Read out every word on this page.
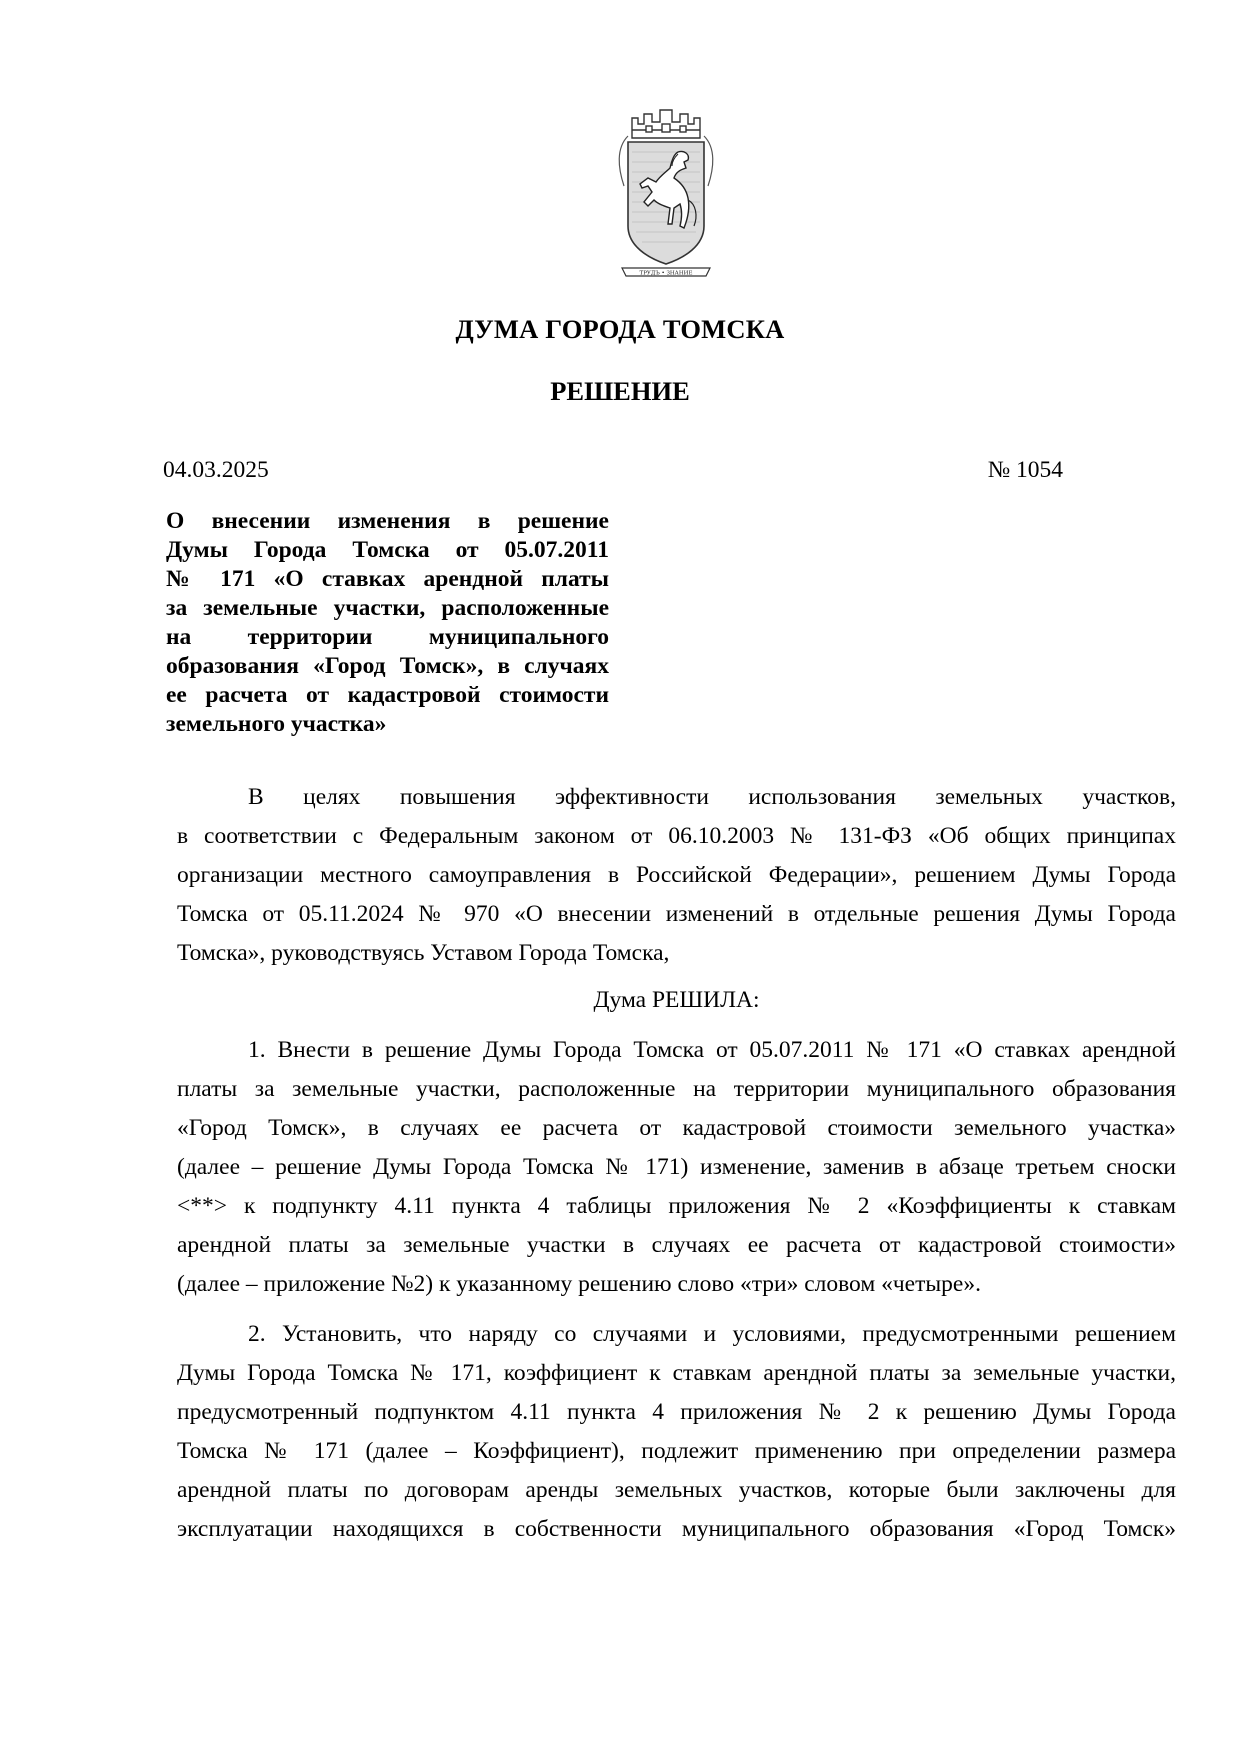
ТРУДЪ • ЗНАНИЕ
ДУМА ГОРОДА ТОМСКА
РЕШЕНИЕ
04.03.2025	№ 1054
О внесении изменения в решение
Думы Города Томска от 05.07.2011
№ 171 «О ставках арендной платы
за земельные участки, расположенные
на территории муниципального
образования «Город Томск», в случаях
ее расчета от кадастровой стоимости
земельного участка»
В целях повышения эффективности использования земельных участков,
в соответствии с Федеральным законом от 06.10.2003 № 131-ФЗ «Об общих принципах
организации местного самоуправления в Российской Федерации», решением Думы Города
Томска от 05.11.2024 № 970 «О внесении изменений в отдельные решения Думы Города
Томска», руководствуясь Уставом Города Томска,
Дума РЕШИЛА:
1. Внести в решение Думы Города Томска от 05.07.2011 № 171 «О ставках арендной
платы за земельные участки, расположенные на территории муниципального образования
«Город Томск», в случаях ее расчета от кадастровой стоимости земельного участка»
(далее – решение Думы Города Томска № 171) изменение, заменив в абзаце третьем сноски
<**> к подпункту 4.11 пункта 4 таблицы приложения № 2 «Коэффициенты к ставкам
арендной платы за земельные участки в случаях ее расчета от кадастровой стоимости»
(далее – приложение №2) к указанному решению слово «три» словом «четыре».
2. Установить, что наряду со случаями и условиями, предусмотренными решением
Думы Города Томска № 171, коэффициент к ставкам арендной платы за земельные участки,
предусмотренный подпунктом 4.11 пункта 4 приложения № 2 к решению Думы Города
Томска № 171 (далее – Коэффициент), подлежит применению при определении размера
арендной платы по договорам аренды земельных участков, которые были заключены для
эксплуатации находящихся в собственности муниципального образования «Город Томск»
